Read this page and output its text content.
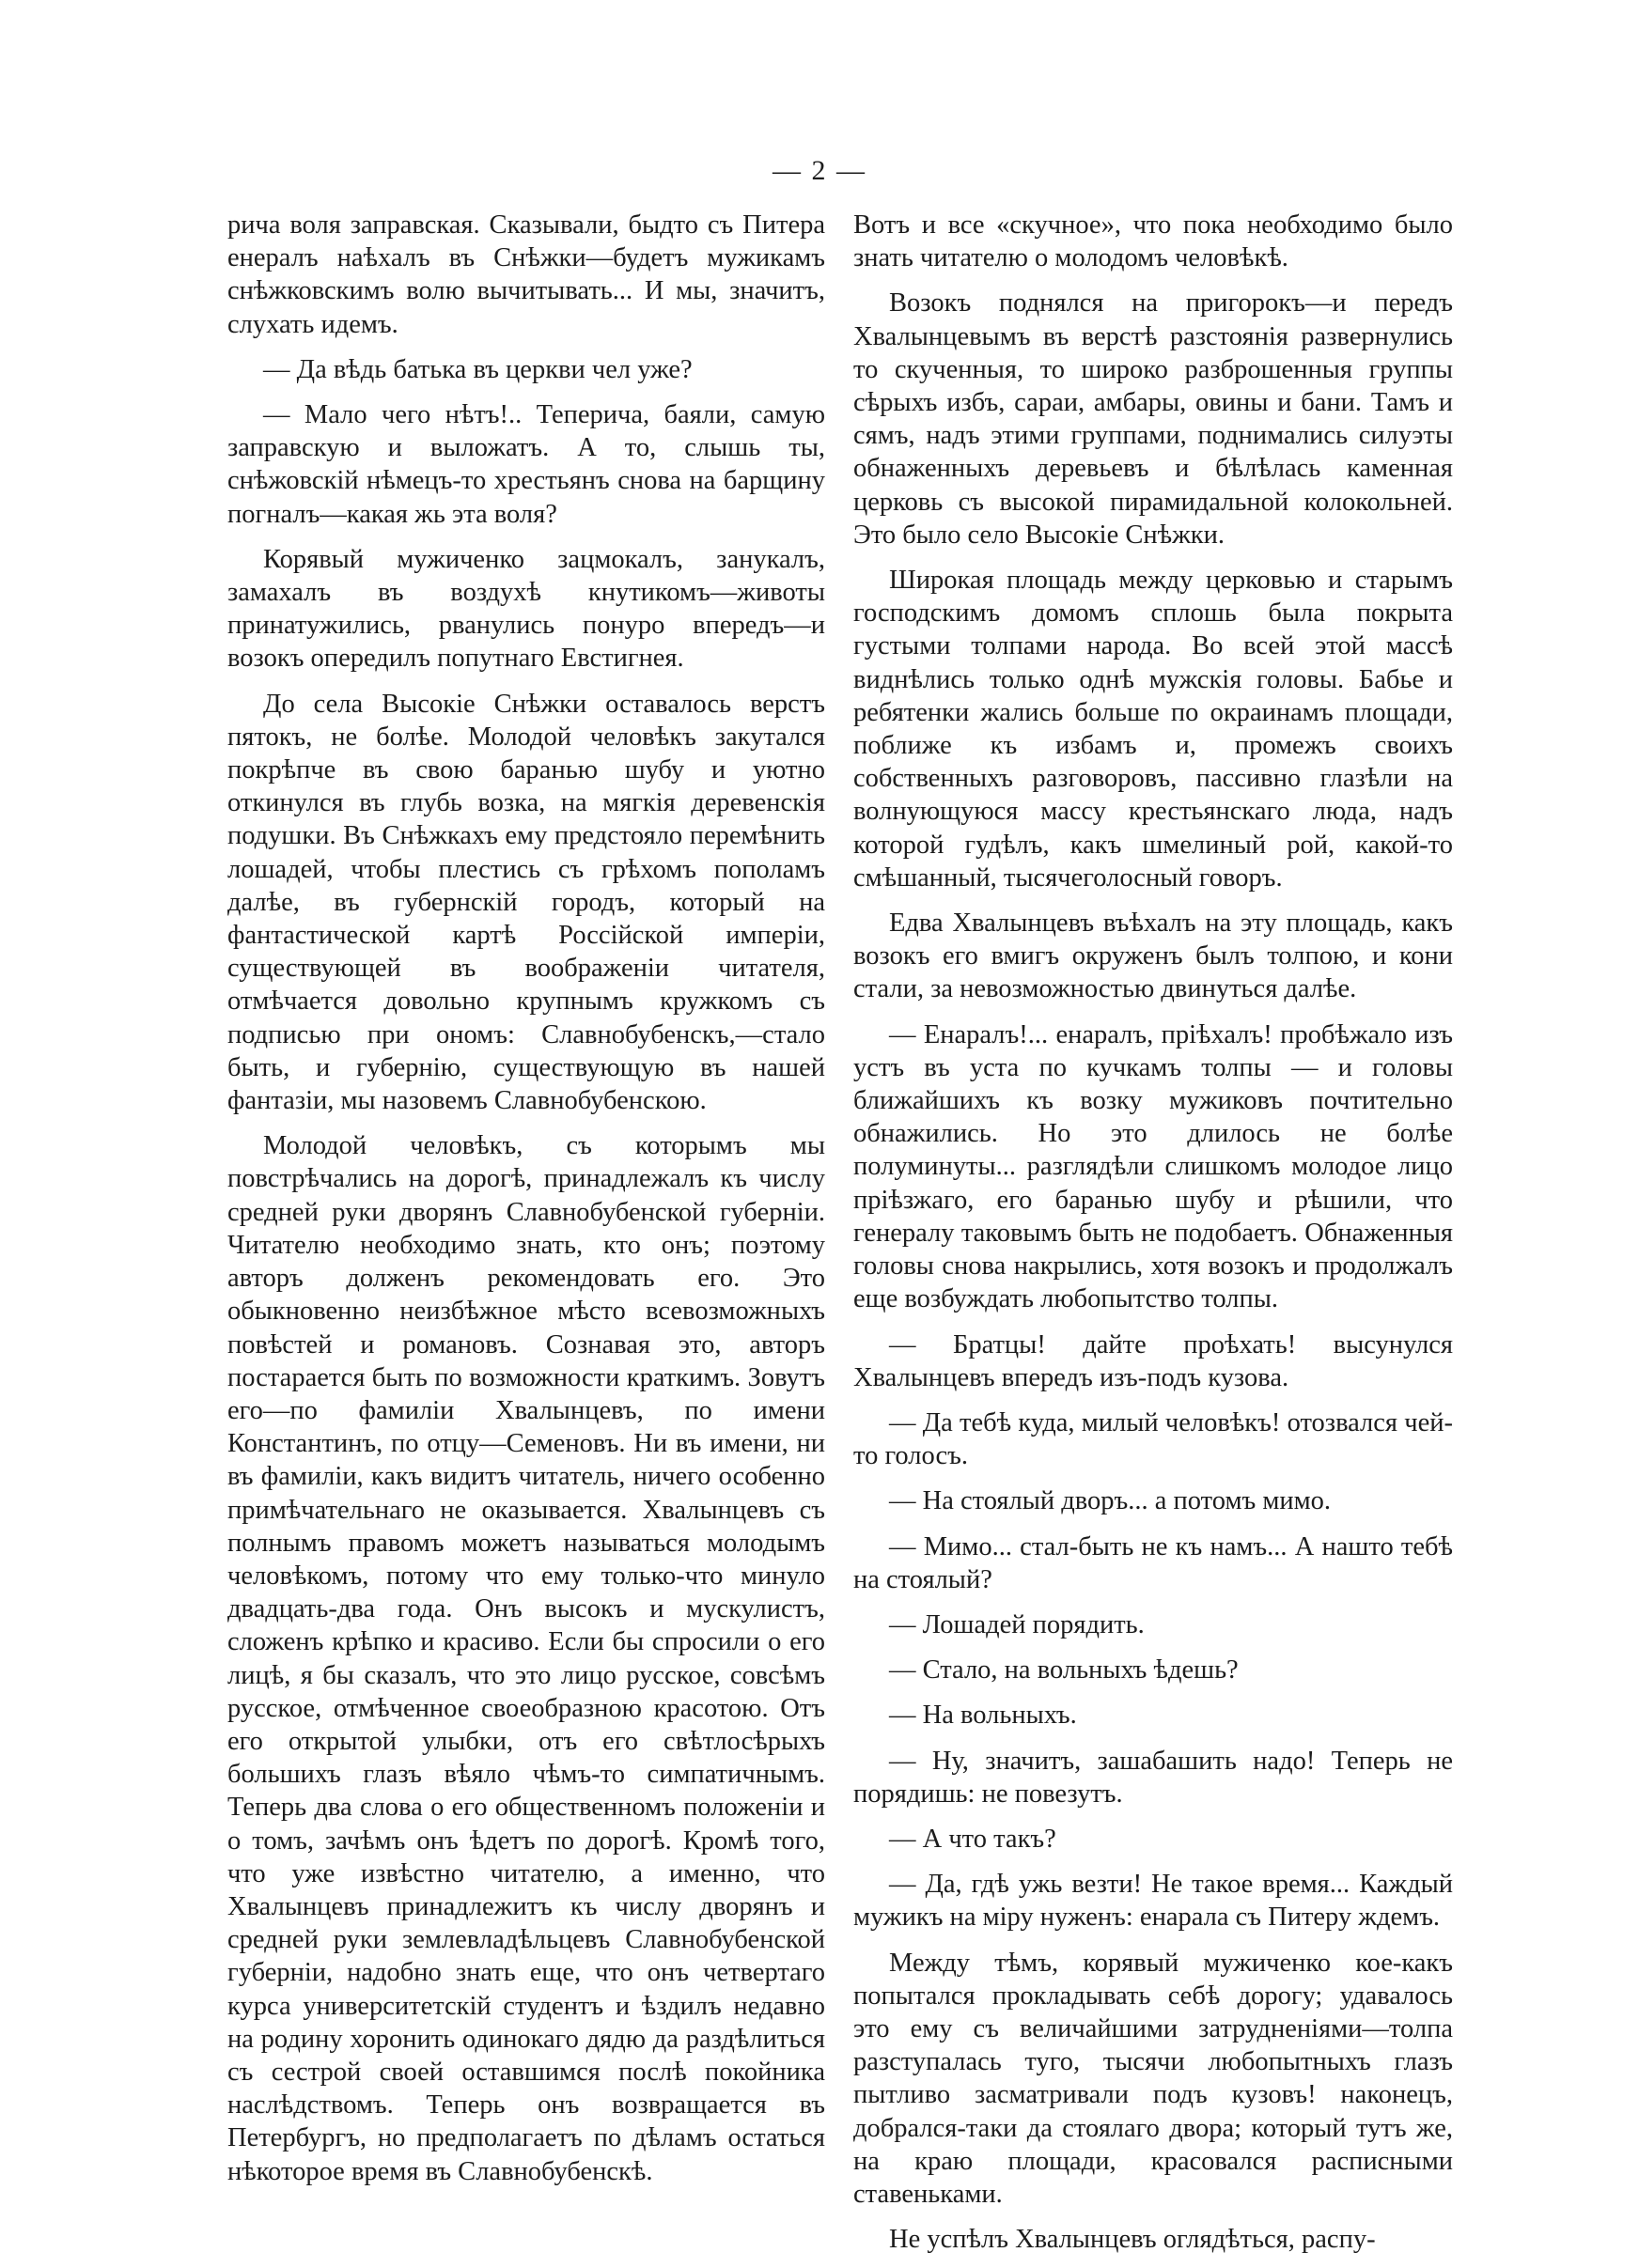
— 2 —

рича воля заправская. Сказывали, быдто съ Питера енералъ наѣхалъ въ Снѣжки—будетъ мужикамъ снѣжковскимъ волю вычитывать... И мы, значитъ, слухать идемъ.

— Да вѣдь батька въ церкви чел уже?

— Мало чего нѣтъ!.. Теперича, баяли, самую заправскую и выложатъ. А то, слышь ты, снѣжовскій нѣмецъ-то хрестьянъ снова на барщину погналъ—какая жь эта воля?

Корявый мужиченко зацмокалъ, занукалъ, замахалъ въ воздухѣ кнутикомъ—животы принатужились, рванулись понуро впередъ—и возокъ опередилъ попутнаго Евстигнея.

До села Высокіе Снѣжки оставалось верстъ пятокъ, не болѣе. Молодой человѣкъ закутался покрѣпче въ свою баранью шубу и уютно откинулся въ глубь возка, на мягкія деревенскія подушки. Въ Снѣжкахъ ему предстояло перемѣнить лошадей, чтобы плестись съ грѣхомъ пополамъ далѣе, въ губернскій городъ, который на фантастической картѣ Россійской имперіи, существующей въ воображеніи читателя, отмѣчается довольно крупнымъ кружкомъ съ подписью при ономъ: Славнобубенскъ,—стало быть, и губернію, существующую въ нашей фантазіи, мы назовемъ Славнобубенскою.

Молодой человѣкъ, съ которымъ мы повстрѣчались на дорогѣ, принадлежалъ къ числу средней руки дворянъ Славнобубенской губерніи. Читателю необходимо знать, кто онъ; поэтому авторъ долженъ рекомендовать его. Это обыкновенно неизбѣжное мѣсто всевозможныхъ повѣстей и романовъ. Сознавая это, авторъ постарается быть по возможности краткимъ. Зовутъ его—по фамиліи Хвалынцевъ, по имени Константинъ, по отцу—Семеновъ. Ни въ имени, ни въ фамиліи, какъ видитъ читатель, ничего особенно примѣчательнаго не оказывается. Хвалынцевъ съ полнымъ правомъ можетъ называться молодымъ человѣкомъ, потому что ему только-что минуло двадцать-два года. Онъ высокъ и мускулистъ, сложенъ крѣпко и красиво. Если бы спросили о его лицѣ, я бы сказалъ, что это лицо русское, совсѣмъ русское, отмѣченное своеобразною красотою. Отъ его открытой улыбки, отъ его свѣтлосѣрыхъ большихъ глазъ вѣяло чѣмъ-то симпатичнымъ. Теперь два слова о его общественномъ положеніи и о томъ, зачѣмъ онъ ѣдетъ по дорогѣ. Кромѣ того, что уже извѣстно читателю, а именно, что Хвалынцевъ принадлежитъ къ числу дворянъ и средней руки землевладѣльцевъ Славнобубенской губерніи, надобно знать еще, что онъ четвертаго курса университетскій студентъ и ѣздилъ недавно на родину хоронить одинокаго дядю да раздѣлиться съ сестрой своей оставшимся послѣ покойника наслѣдствомъ. Теперь онъ возвращается въ Петербургъ, но предполагаетъ по дѣламъ остаться нѣкоторое время въ Славнобубенскѣ.

Вотъ и все «скучное», что пока необходимо было знать читателю о молодомъ человѣкѣ.

Возокъ поднялся на пригорокъ—и передъ Хвалынцевымъ въ верстѣ разстоянія развернулись то скученныя, то широко разброшенныя группы сѣрыхъ избъ, сараи, амбары, овины и бани. Тамъ и сямъ, надъ этими группами, поднимались силуэты обнаженныхъ деревьевъ и бѣлѣлась каменная церковь съ высокой пирамидальной колокольней. Это было село Высокіе Снѣжки.

Широкая площадь между церковью и старымъ господскимъ домомъ сплошь была покрыта густыми толпами народа. Во всей этой массѣ виднѣлись только однѣ мужскія головы. Бабье и ребятенки жались больше по окраинамъ площади, поближе къ избамъ и, промежъ своихъ собственныхъ разговоровъ, пассивно глазѣли на волнующуюся массу крестьянскаго люда, надъ которой гудѣлъ, какъ шмелиный рой, какой-то смѣшанный, тысячеголосный говоръ.

Едва Хвалынцевъ въѣхалъ на эту площадь, какъ возокъ его вмигъ окруженъ былъ толпою, и кони стали, за невозможностью двинуться далѣе.

— Енаралъ!... енаралъ, пріѣхалъ! пробѣжало изъ устъ въ уста по кучкамъ толпы — и головы ближайшихъ къ возку мужиковъ почтительно обнажились. Но это длилось не болѣе полуминуты... разглядѣли слишкомъ молодое лицо пріѣзжаго, его баранью шубу и рѣшили, что генералу таковымъ быть не подобаетъ. Обнаженныя головы снова накрылись, хотя возокъ и продолжалъ еще возбуждать любопытство толпы.

— Братцы! дайте проѣхать! высунулся Хвалынцевъ впередъ изъ-подъ кузова.

— Да тебѣ куда, милый человѣкъ! отозвался чей-то голосъ.

— На стоялый дворъ... а потомъ мимо.

— Мимо... стал-быть не къ намъ... А нашто тебѣ на стоялый?

— Лошадей порядить.

— Стало, на вольныхъ ѣдешь?

— На вольныхъ.

— Ну, значитъ, зашабашить надо! Теперь не порядишь: не повезутъ.

— А что такъ?

— Да, гдѣ ужь везти! Не такое время... Каждый мужикъ на міру нуженъ: енарала съ Питеру ждемъ.

Между тѣмъ, корявый мужиченко кое-какъ попытался прокладывать себѣ дорогу; удавалось это ему съ величайшими затрудненіями—толпа разступалась туго, тысячи любопытныхъ глазъ пытливо засматривали подъ кузовъ! наконецъ, добрался-таки да стоялаго двора; который тутъ же, на краю площади, красовался расписными ставеньками.

Не успѣлъ Хвалынцевъ оглядѣться, распу-
